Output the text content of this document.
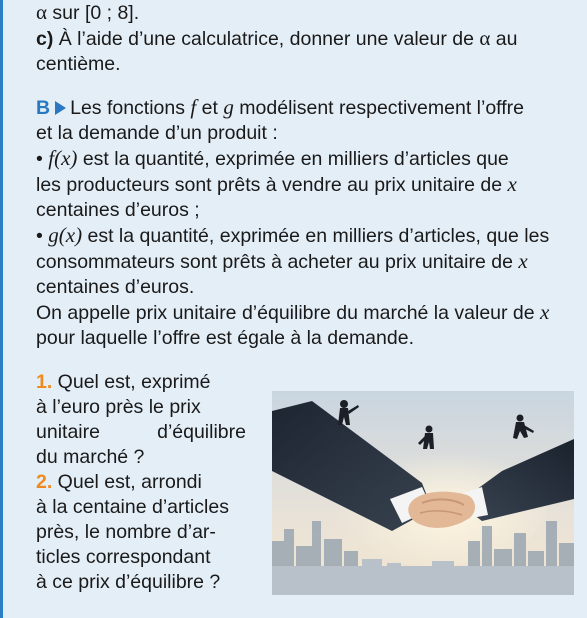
α sur [0 ; 8].
c) À l’aide d’une calculatrice, donner une valeur de α au
centième.
B Les fonctions f et g modélisent respectivement l’offre
et la demande d’un produit :
• f(x) est la quantité, exprimée en milliers d’articles que
les producteurs sont prêts à vendre au prix unitaire de x
centaines d’euros ;
• g(x) est la quantité, exprimée en milliers d’articles, que les
consommateurs sont prêts à acheter au prix unitaire de x
centaines d’euros.
On appelle prix unitaire d’équilibre du marché la valeur de x
pour laquelle l’offre est égale à la demande.
1. Quel est, exprimé
à l’euro près le prix
unitaire	d’équilibre
du marché ?
2. Quel est, arrondi
à la centaine d’articles
près, le nombre d’ar-
ticles correspondant
à ce prix d’équilibre ?
